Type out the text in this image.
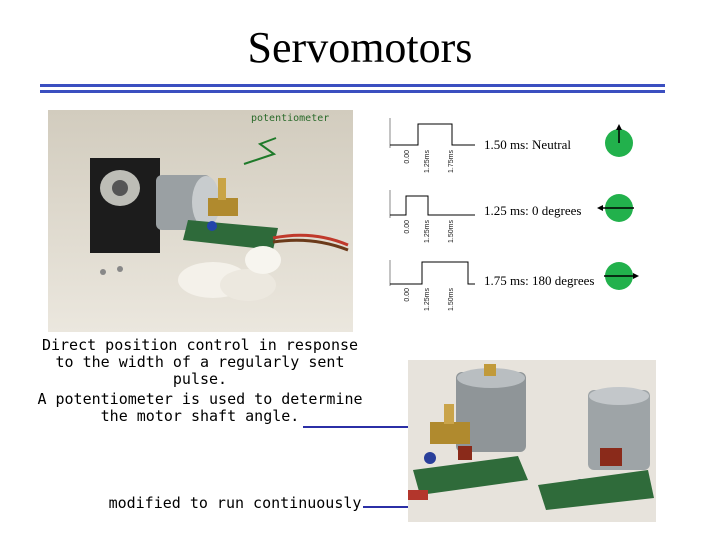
Servomotors
potentiometer
Direct position control in response
to the width of a regularly sent pulse.
A potentiometer is used to determine
the motor shaft angle.
modified to run continuously
1.50 ms: Neutral
1.25 ms: 0 degrees
1.75 ms: 180 degrees
0.00 1.25ms 1.75ms
0.00 1.25ms 1.50ms
0.00 1.25ms 1.50ms
